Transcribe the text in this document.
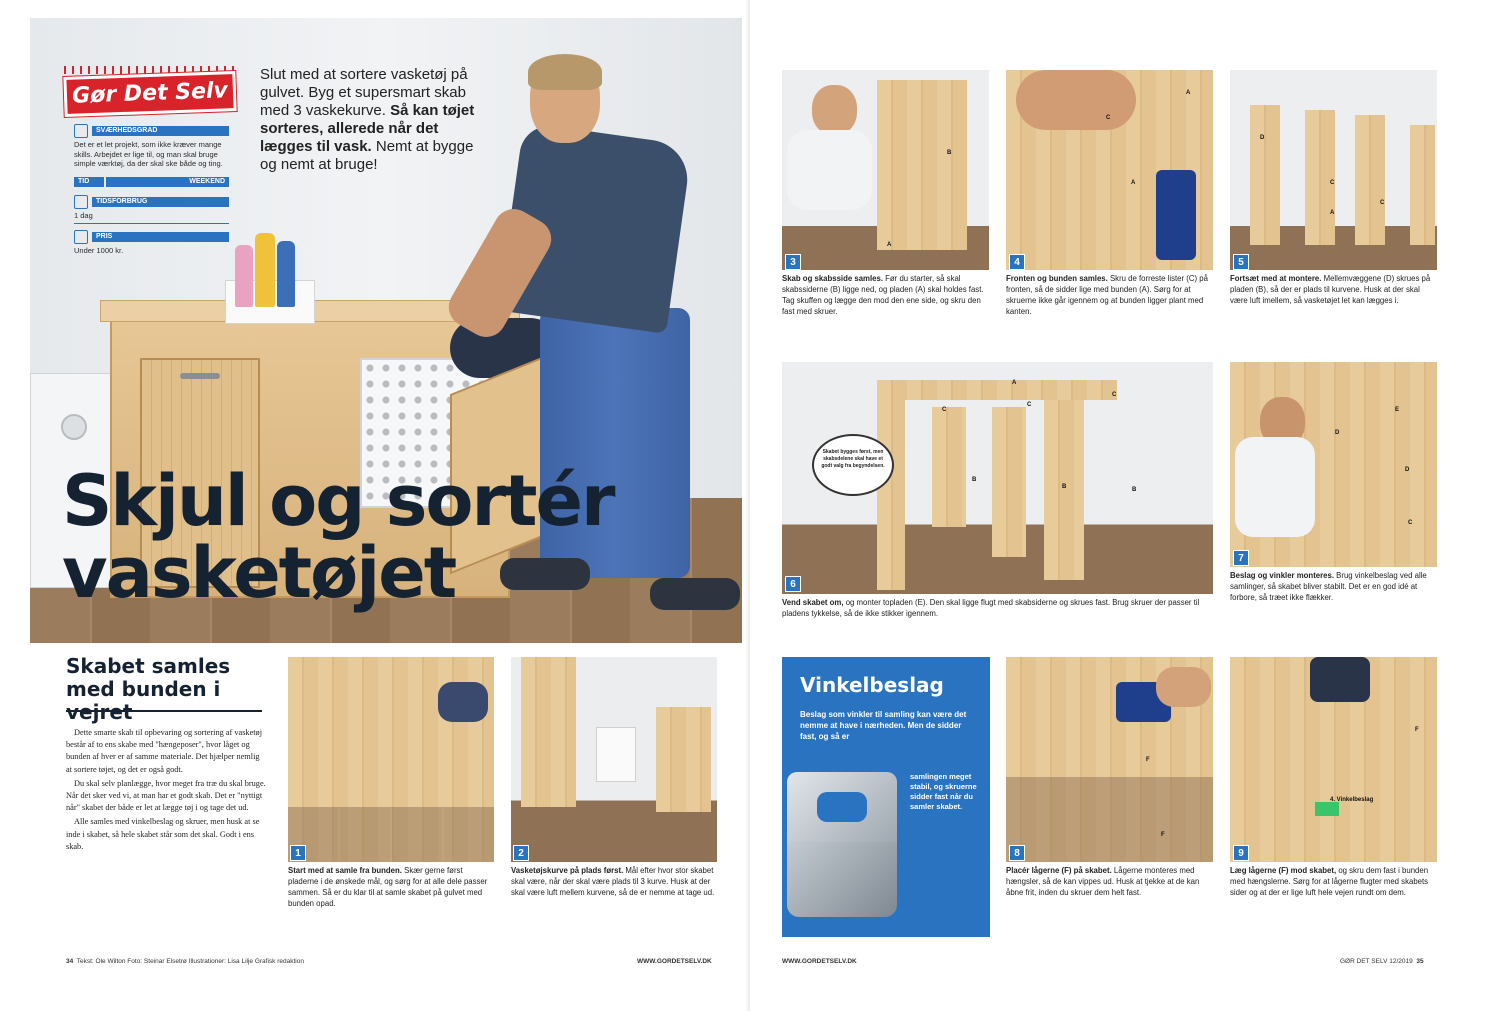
Gør Det Selv
SVÆRHEDSGRAD
Det er et let projekt, som ikke kræver mange skills. Arbejdet er lige til, og man skal bruge simple værktøj, da der skal ske både og ting.
TID	WEEKEND
TIDSFORBRUG
1 dag
PRIS
Under 1000 kr.
Slut med at sortere vasketøj på gulvet. Byg et supersmart skab med 3 vaskekurve. Så kan tøjet sorteres, allerede når det lægges til vask. Nemt at bygge og nemt at bruge!
Skjul og sortér
vasketøjet
Skabet samles med bunden i vejret

Dette smarte skab til opbevaring og sortering af vasketøj består af to ens skabe med "hængeposer", hvor låget og bunden af hver er af samme materiale. Det hjælper nemlig at sortere tøjet, og det er også godt.

Du skal selv planlægge, hvor meget fra træ du skal bruge. Når det sker ved vi, at man har et godt skab. Det er "nyttigt når" skabet der både er let at lægge tøj i og tage det ud.

Alle samles med vinkelbeslag og skruer, men husk at se inde i skabet, så hele skabet står som det skal. Godt i ens skab.

1
Start med at samle fra bunden. Skær gerne først pladerne i de ønskede mål, og sørg for at alle dele passer sammen. Så er du klar til at samle skabet på gulvet med bunden opad.
2
Vasketøjskurve på plads først. Mål efter hvor stor skabet skal være, når der skal være plads til 3 kurve. Husk at der skal være luft mellem kurvene, så de er nemme at tage ud.
34 Tekst: Ole Wilton Foto: Steinar Elsetrø Illustrationer: Lisa Lilje Grafisk redaktion	WWW.GORDETSELV.DK
B
A
3
Skab og skabsside samles. Før du starter, så skal skabssiderne (B) ligge ned, og pladen (A) skal holdes fast. Tag skuffen og lægge den mod den ene side, og skru den fast med skruer.
A
C
A
4
Fronten og bunden samles. Skru de forreste lister (C) på fronten, så de sidder lige med bunden (A). Sørg for at skruerne ikke går igennem og at bunden ligger plant med kanten.
D
C
C
A
5
Fortsæt med at montere. Mellemvæggene (D) skrues på pladen (B), så der er plads til kurvene. Husk at der skal være luft imellem, så vasketøjet let kan lægges i.
A
C
C
C
B
B	B
Skabet bygges først, men skabsdelene skal have et godt valg fra begyndelsen.
6
Vend skabet om, og monter topladen (E). Den skal ligge flugt med skabsiderne og skrues fast. Brug skruer der passer til pladens tykkelse, så de ikke stikker igennem.
E
D
D
C
7
Beslag og vinkler monteres. Brug vinkelbeslag ved alle samlinger, så skabet bliver stabilt. Det er en god idé at forbore, så træet ikke flækker.
Vinkelbeslag
Beslag som vinkler til samling kan være det nemme at have i nærheden. Men de sidder fast, og så er
samlingen meget stabil, og skruerne sidder fast når du samler skabet.
F
F
8
Placér lågerne (F) på skabet. Lågerne monteres med hængsler, så de kan vippes ud. Husk at tjekke at de kan åbne frit, inden du skruer dem helt fast.
F
4. Vinkelbeslag
9
Læg lågerne (F) mod skabet, og skru dem fast i bunden med hængslerne. Sørg for at lågerne flugter med skabets sider og at der er lige luft hele vejen rundt om dem.
WWW.GORDETSELV.DK	GØR DET SELV 12/2019 35
